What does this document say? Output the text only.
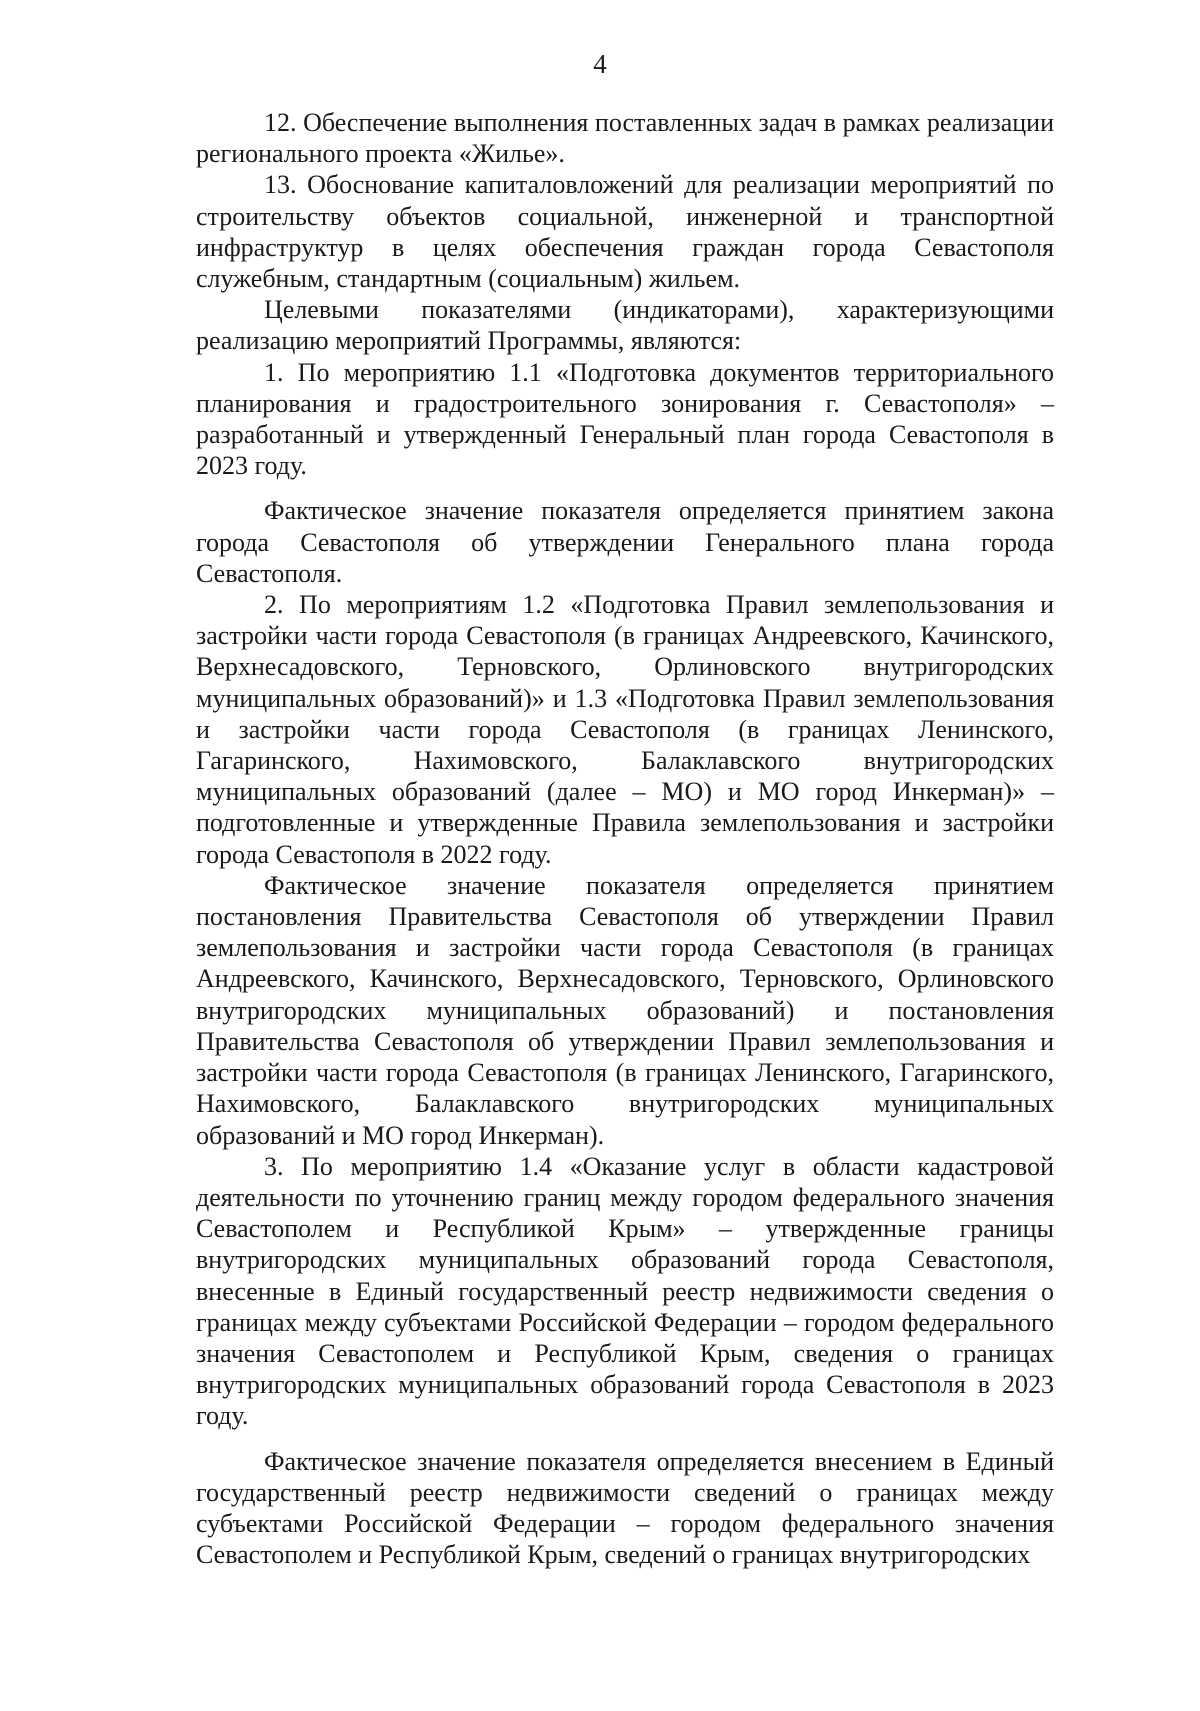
4

12. Обеспечение выполнения поставленных задач в рамках реализации регионального проекта «Жилье».

13. Обоснование капиталовложений для реализации мероприятий по строительству объектов социальной, инженерной и транспортной инфраструктур в целях обеспечения граждан города Севастополя служебным, стандартным (социальным) жильем.

Целевыми показателями (индикаторами), характеризующими реализацию мероприятий Программы, являются:

1. По мероприятию 1.1 «Подготовка документов территориального планирования и градостроительного зонирования г. Севастополя» – разработанный и утвержденный Генеральный план города Севастополя в 2023 году.

Фактическое значение показателя определяется принятием закона города Севастополя об утверждении Генерального плана города Севастополя.

2. По мероприятиям 1.2 «Подготовка Правил землепользования и застройки части города Севастополя (в границах Андреевского, Качинского, Верхнесадовского, Терновского, Орлиновского внутригородских муниципальных образований)» и 1.3 «Подготовка Правил землепользования и застройки части города Севастополя (в границах Ленинского, Гагаринского, Нахимовского, Балаклавского внутригородских муниципальных образований (далее – МО) и МО город Инкерман)» – подготовленные и утвержденные Правила землепользования и застройки города Севастополя в 2022 году.

Фактическое значение показателя определяется принятием постановления Правительства Севастополя об утверждении Правил землепользования и застройки части города Севастополя (в границах Андреевского, Качинского, Верхнесадовского, Терновского, Орлиновского внутригородских муниципальных образований) и постановления Правительства Севастополя об утверждении Правил землепользования и застройки части города Севастополя (в границах Ленинского, Гагаринского, Нахимовского, Балаклавского внутригородских муниципальных образований и МО город Инкерман).

3. По мероприятию 1.4 «Оказание услуг в области кадастровой деятельности по уточнению границ между городом федерального значения Севастополем и Республикой Крым» – утвержденные границы внутригородских муниципальных образований города Севастополя, внесенные в Единый государственный реестр недвижимости сведения о границах между субъектами Российской Федерации – городом федерального значения Севастополем и Республикой Крым, сведения о границах внутригородских муниципальных образований города Севастополя в 2023 году.

Фактическое значение показателя определяется внесением в Единый государственный реестр недвижимости сведений о границах между субъектами Российской Федерации – городом федерального значения Севастополем и Республикой Крым, сведений о границах внутригородских
